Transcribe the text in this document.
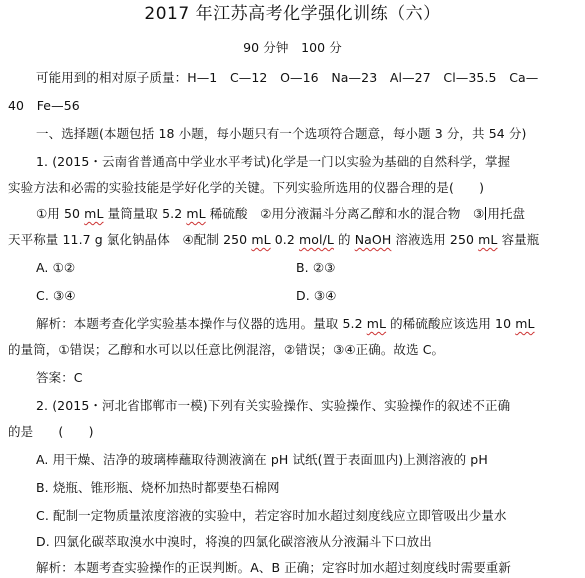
2017 年江苏高考化学强化训练（六）
90 分钟　100 分
可能用到的相对原子质量：H—1　C—12　O—16　Na—23　Al—27　Cl—35.5　Ca—
40　Fe—56
一、选择题(本题包括 18 小题，每小题只有一个选项符合题意，每小题 3 分，共 54 分)
1. (2015・云南省普通高中学业水平考试)化学是一门以实验为基础的自然科学，掌握
实验方法和必需的实验技能是学好化学的关键。下列实验所选用的仪器合理的是(　　)
①用 50 mL 量筒量取 5.2 mL 稀硫酸　②用分液漏斗分离乙醇和水的混合物　③ 用托盘
天平称量 11.7 g 氯化钠晶体　④配制 250 mL 0.2 mol/L 的 NaOH 溶液选用 250 mL 容量瓶
A. ①②	B. ②③
C. ③④	D. ③④
解析：本题考查化学实验基本操作与仪器的选用。量取 5.2 mL 的稀硫酸应该选用 10 mL
的量筒，①错误；乙醇和水可以以任意比例混溶，②错误；③④正确。故选 C。
答案：C
2. (2015・河北省邯郸市一模)下列有关实验操作、实验操作、实验操作的叙述不正确
的是　　(　　)
A. 用干燥、洁净的玻璃棒蘸取待测液滴在 pH 试纸(置于表面皿内)上测溶液的 pH
B. 烧瓶、锥形瓶、烧杯加热时都要垫石棉网
C. 配制一定物质量浓度溶液的实验中，若定容时加水超过刻度线应立即管吸出少量水
D. 四氯化碳萃取溴水中溴时，将溴的四氯化碳溶液从分液漏斗下口放出
解析：本题考查实验操作的正误判断。A、B 正确；定容时加水超过刻度线时需要重新
